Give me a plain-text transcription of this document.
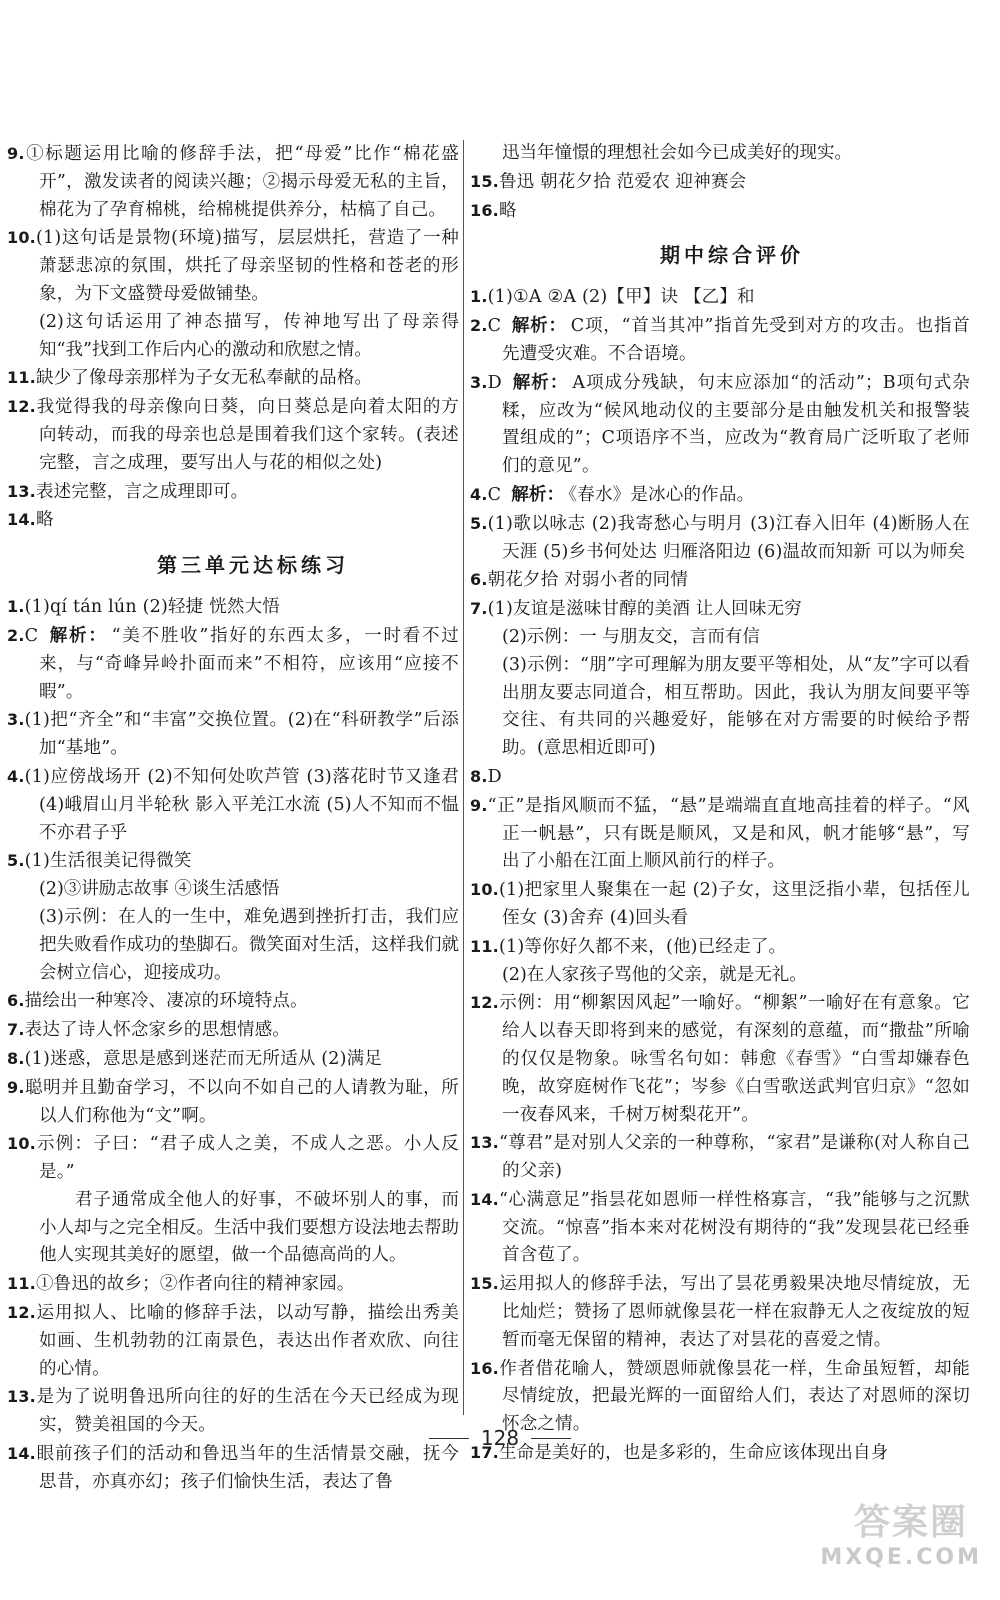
9.①标题运用比喻的修辞手法，把“母爱”比作“棉花盛开”，激发读者的阅读兴趣；②揭示母爱无私的主旨，棉花为了孕育棉桃，给棉桃提供养分，枯槁了自己。
10.(1)这句话是景物(环境)描写，层层烘托，营造了一种萧瑟悲凉的氛围，烘托了母亲坚韧的性格和苍老的形象，为下文盛赞母爱做铺垫。
(2)这句话运用了神态描写，传神地写出了母亲得知“我”找到工作后内心的激动和欣慰之情。
11.缺少了像母亲那样为子女无私奉献的品格。
12.我觉得我的母亲像向日葵，向日葵总是向着太阳的方向转动，而我的母亲也总是围着我们这个家转。(表述完整，言之成理，要写出人与花的相似之处)
13.表述完整，言之成理即可。
14.略
第三单元达标练习
1.(1)qí tán lún (2)轻捷 恍然大悟
2.C 解析： “美不胜收”指好的东西太多，一时看不过来，与“奇峰异岭扑面而来”不相符，应该用“应接不暇”。
3.(1)把“齐全”和“丰富”交换位置。(2)在“科研教学”后添加“基地”。
4.(1)应傍战场开 (2)不知何处吹芦管 (3)落花时节又逢君 (4)峨眉山月半轮秋 影入平羌江水流 (5)人不知而不愠 不亦君子乎
5.(1)生活很美记得微笑
(2)③讲励志故事 ④谈生活感悟
(3)示例：在人的一生中，难免遇到挫折打击，我们应把失败看作成功的垫脚石。微笑面对生活，这样我们就会树立信心，迎接成功。
6.描绘出一种寒冷、凄凉的环境特点。
7.表达了诗人怀念家乡的思想情感。
8.(1)迷惑，意思是感到迷茫而无所适从 (2)满足
9.聪明并且勤奋学习，不以向不如自己的人请教为耻，所以人们称他为“文”啊。
10.示例：子曰：“君子成人之美，不成人之恶。小人反是。”
君子通常成全他人的好事，不破坏别人的事，而小人却与之完全相反。生活中我们要想方设法地去帮助他人实现其美好的愿望，做一个品德高尚的人。
11.①鲁迅的故乡；②作者向往的精神家园。
12.运用拟人、比喻的修辞手法，以动写静，描绘出秀美如画、生机勃勃的江南景色，表达出作者欢欣、向往的心情。
13.是为了说明鲁迅所向往的好的生活在今天已经成为现实，赞美祖国的今天。
14.眼前孩子们的活动和鲁迅当年的生活情景交融，抚今思昔，亦真亦幻；孩子们愉快生活，表达了鲁
迅当年憧憬的理想社会如今已成美好的现实。
15.鲁迅 朝花夕拾 范爱农 迎神赛会
16.略
期中综合评价
1.(1)①A ②A (2)【甲】诀 【乙】和
2.C 解析： C项，“首当其冲”指首先受到对方的攻击。也指首先遭受灾难。不合语境。
3.D 解析： A项成分残缺，句末应添加“的活动”；B项句式杂糅，应改为“候风地动仪的主要部分是由触发机关和报警装置组成的”；C项语序不当，应改为“教育局广泛听取了老师们的意见”。
4.C 解析： 《春水》是冰心的作品。
5.(1)歌以咏志 (2)我寄愁心与明月 (3)江春入旧年 (4)断肠人在天涯 (5)乡书何处达 归雁洛阳边 (6)温故而知新 可以为师矣
6.朝花夕拾 对弱小者的同情
7.(1)友谊是滋味甘醇的美酒 让人回味无穷
(2)示例：一 与朋友交，言而有信
(3)示例：“朋”字可理解为朋友要平等相处，从“友”字可以看出朋友要志同道合，相互帮助。因此，我认为朋友间要平等交往、有共同的兴趣爱好，能够在对方需要的时候给予帮助。(意思相近即可)
8.D
9.“正”是指风顺而不猛，“悬”是端端直直地高挂着的样子。“风正一帆悬”，只有既是顺风，又是和风，帆才能够“悬”，写出了小船在江面上顺风前行的样子。
10.(1)把家里人聚集在一起 (2)子女，这里泛指小辈，包括侄儿侄女 (3)舍弃 (4)回头看
11.(1)等你好久都不来，(他)已经走了。
(2)在人家孩子骂他的父亲，就是无礼。
12.示例：用“柳絮因风起”一喻好。“柳絮”一喻好在有意象。它给人以春天即将到来的感觉，有深刻的意蕴，而“撒盐”所喻的仅仅是物象。咏雪名句如：韩愈《春雪》“白雪却嫌春色晚，故穿庭树作飞花”；岑参《白雪歌送武判官归京》“忽如一夜春风来，千树万树梨花开”。
13.“尊君”是对别人父亲的一种尊称，“家君”是谦称(对人称自己的父亲)
14.“心满意足”指昙花如恩师一样性格寡言，“我”能够与之沉默交流。“惊喜”指本来对花树没有期待的“我”发现昙花已经垂首含苞了。
15.运用拟人的修辞手法，写出了昙花勇毅果决地尽情绽放，无比灿烂；赞扬了恩师就像昙花一样在寂静无人之夜绽放的短暂而毫无保留的精神，表达了对昙花的喜爱之情。
16.作者借花喻人，赞颂恩师就像昙花一样，生命虽短暂，却能尽情绽放，把最光辉的一面留给人们，表达了对恩师的深切怀念之情。
17.生命是美好的，也是多彩的，生命应该体现出自身
128
答案圈
MXQE.COM
